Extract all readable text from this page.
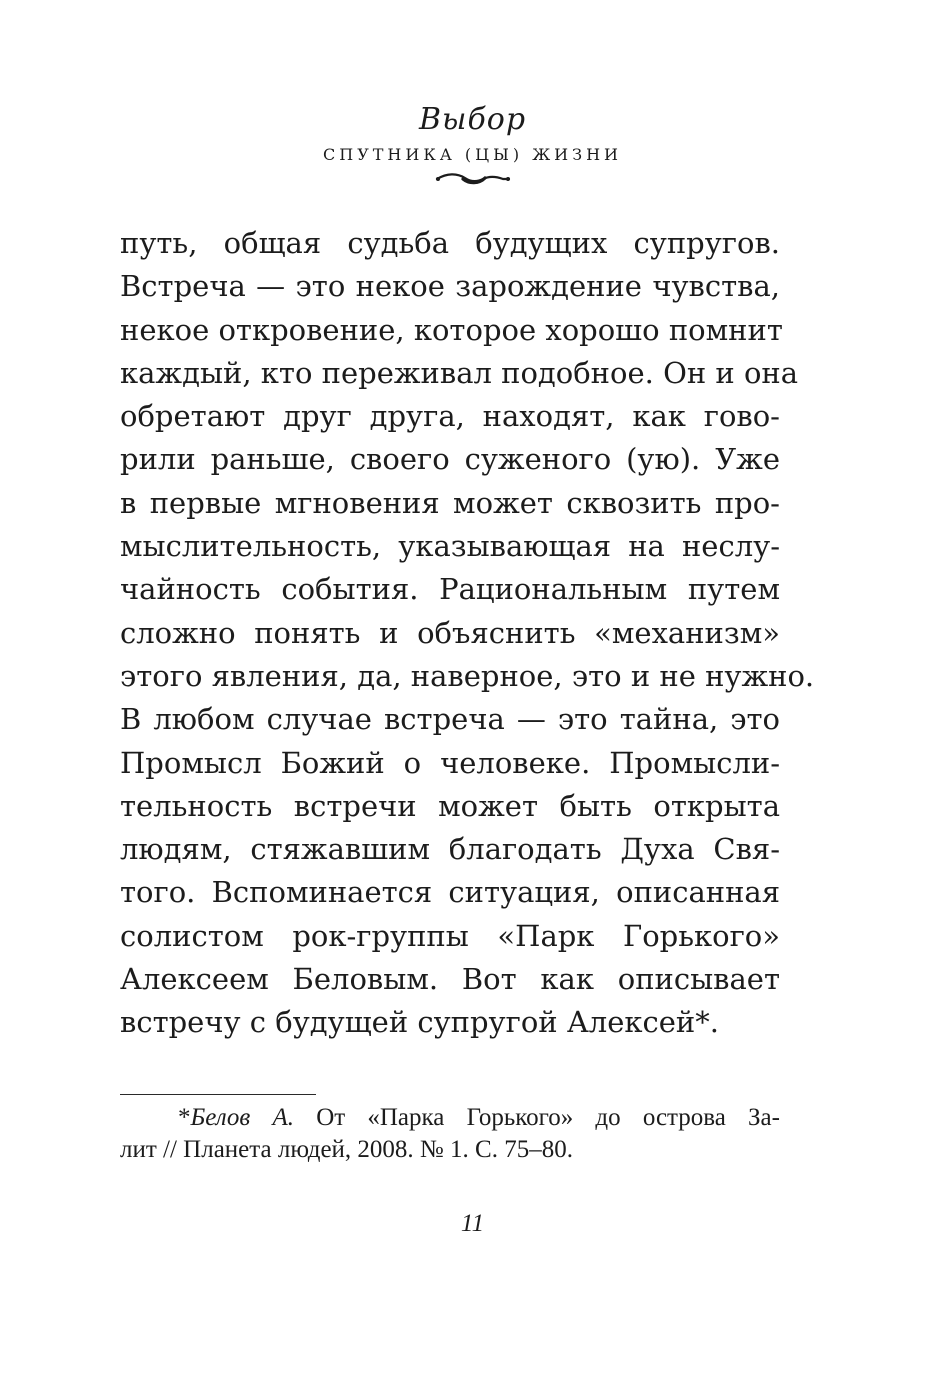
Выбор
СПУТНИКА (ЦЫ) ЖИЗНИ
путь, общая судьба будущих супругов.
Встреча — это некое зарождение чувства,
некое откровение, которое хорошо помнит
каждый, кто переживал подобное. Он и она
обретают друг друга, находят, как гово-
рили раньше, своего суженого (ую). Уже
в первые мгновения может сквозить про-
мыслительность, указывающая на неслу-
чайность события. Рациональным путем
сложно понять и объяснить «механизм»
этого явления, да, наверное, это и не нужно.
В любом случае встреча — это тайна, это
Промысл Божий о человеке. Промысли-
тельность встречи может быть открыта
людям, стяжавшим благодать Духа Свя-
того. Вспоминается ситуация, описанная
солистом рок-группы «Парк Горького»
Алексеем Беловым. Вот как описывает
встречу с будущей супругой Алексей*.
*Белов А. От «Парка Горького» до острова За-
лит // Планета людей, 2008. № 1. С. 75–80.
11
